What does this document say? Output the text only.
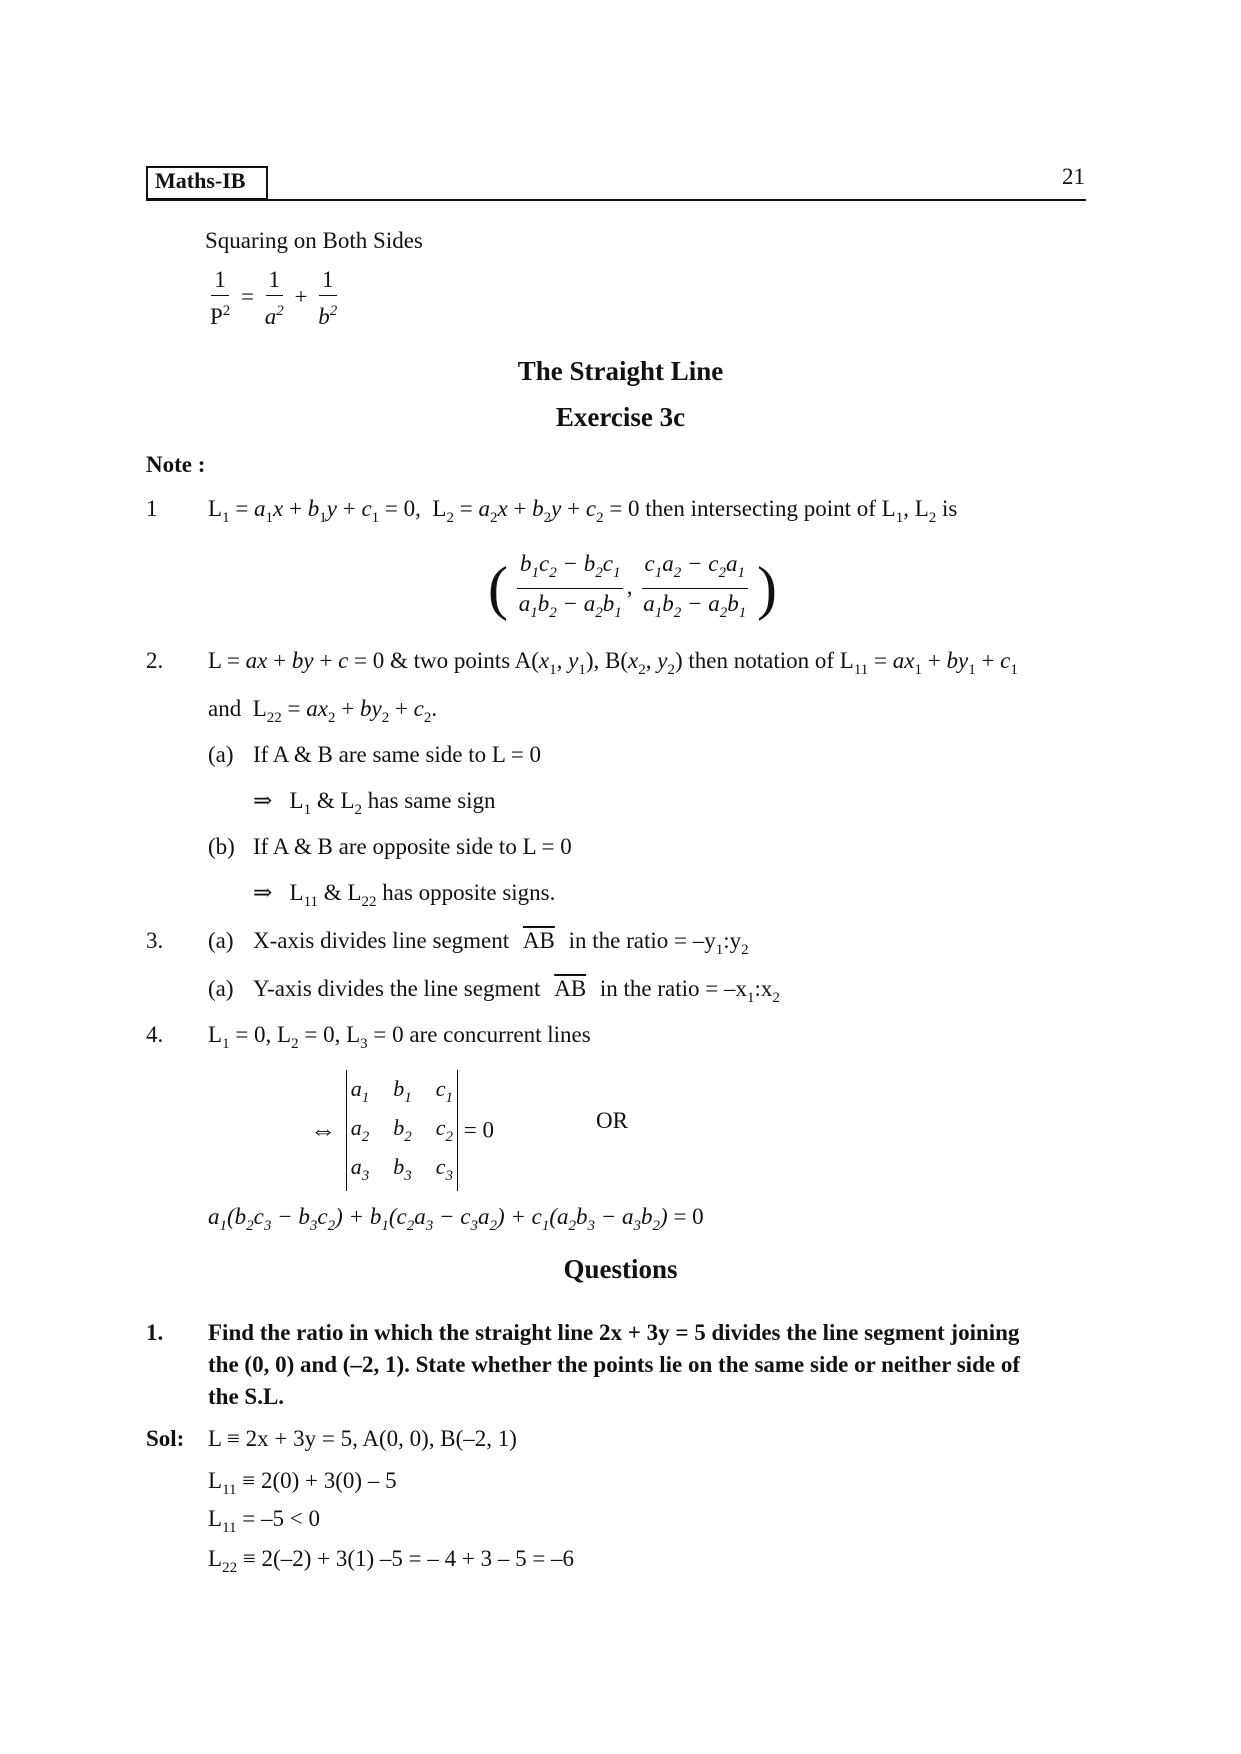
Maths-IB	21
Squaring on Both Sides
$\frac{1}{P^2} = \frac{1}{a^2} + \frac{1}{b^2}$
The Straight Line
Exercise 3c
Note :
1 $L_1 = a_1x + b_1y + c_1 = 0$,  $L_2 = a_2x + b_2y + c_2 = 0$ then intersecting point of $L_1$, $L_2$ is
( $\frac{b_1c_2 - b_2c_1}{a_1b_2 - a_2b_1}$ , $\frac{c_1a_2 - c_2a_1}{a_1b_2 - a_2b_1}$ )
2. L = ax + by + c = 0 & two points $A(x_1$, $y_1$), $B(x_2$, $y_2$) then notation of $L_{11} = ax_1 + by_1 + c_1$
and  $L_{22} = ax_2 + by_2 + c_2$.
(a) If A & B are same side to L = 0
⇒   $L_1$ & $L_2$ has same sign
(b) If A & B are opposite side to L = 0
⇒   $L_{11}$ & $L_{22}$ has opposite signs.
3. (a) X-axis divides line segment $\overline{AB}$ in the ratio = $-y_1:y_2$
(a) Y-axis divides the line segment $\overline{AB}$ in the ratio = $-x_1:x_2$
4. $L_1 = 0$, $L_2 = 0$, $L_3 = 0$ are concurrent lines
⇔
$a_1$	$b_1$	$c_1$
$a_2$	$b_2$	$c_2$
$a_3$	$b_3$	$c_3$
= 0	OR
$a_1(b_2c_3 - b_3c_2) + b_1(c_2a_3 - c_3a_2) + c_1(a_2b_3 - a_3b_2) = 0$
Questions
1. Find the ratio in which the straight line 2x + 3y = 5 divides the line segment joining
the (0, 0) and (–2, 1). State whether the points lie on the same side or neither side of
the S.L.
Sol: L ≡ 2x + 3y = 5, A(0, 0), B(–2, 1)
$L_{11} \equiv 2(0) + 3(0) - 5$
$L_{11} = -5 < 0$
$L_{22} \equiv 2(-2) + 3(1) -5$ = – 4 + 3 – 5 = –6
